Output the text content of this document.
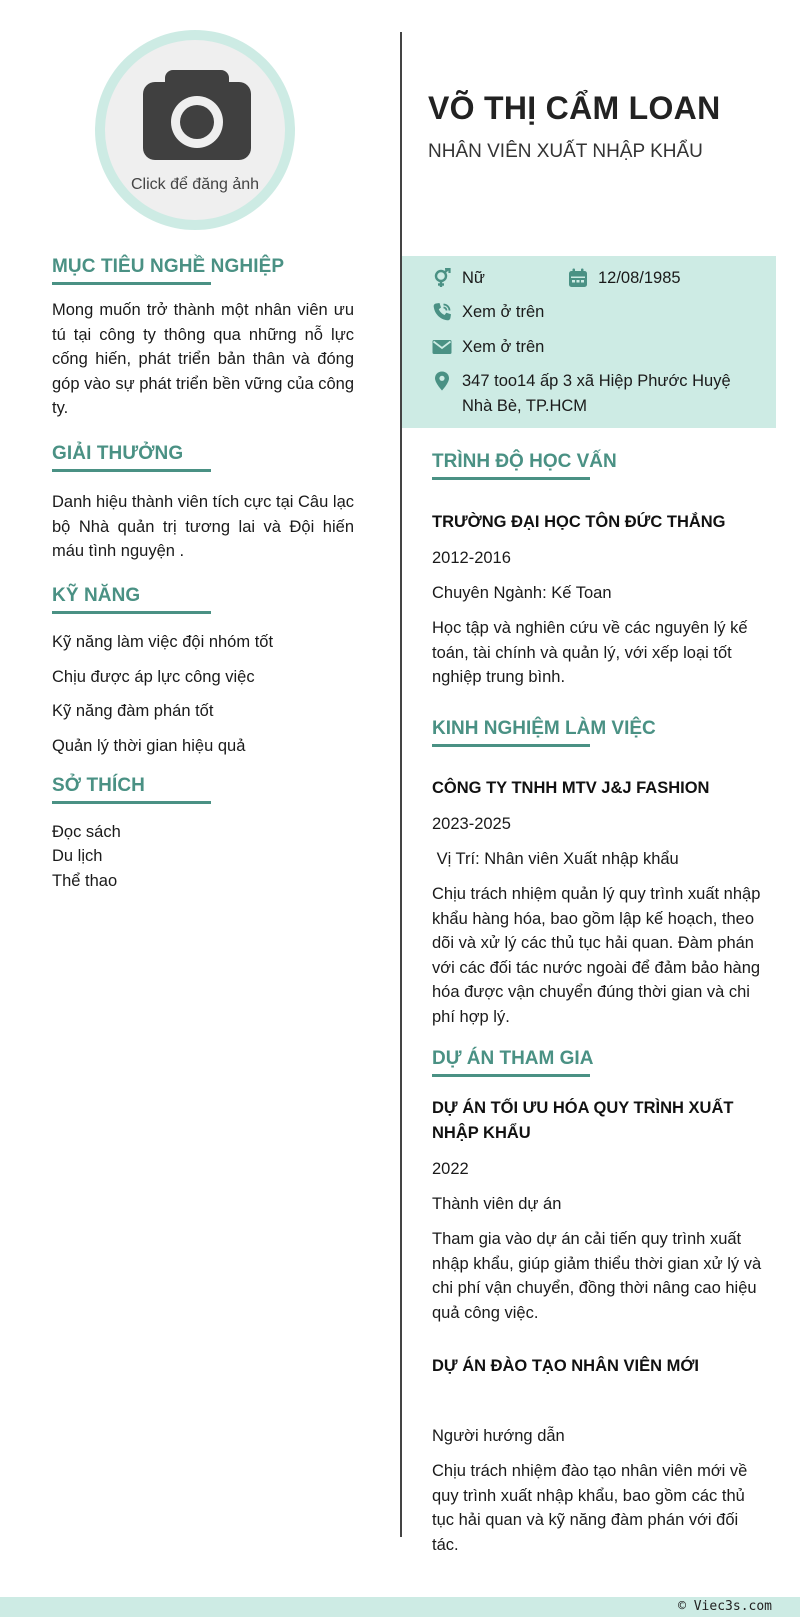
Click để đăng ảnh
MỤC TIÊU NGHỀ NGHIỆP
Mong muốn trở thành một nhân viên ưu tú tại công ty thông qua những nỗ lực cống hiến, phát triển bản thân và đóng góp vào sự phát triển bền vững của công ty.
GIẢI THƯỞNG
Danh hiệu thành viên tích cực tại Câu lạc bộ Nhà quản trị tương lai và Đội hiến máu tình nguyện .
KỸ NĂNG
Kỹ năng làm việc đội nhóm tốt
Chịu được áp lực công việc
Kỹ năng đàm phán tốt
Quản lý thời gian hiệu quả
SỞ THÍCH
Đọc sách
Du lịch
Thể thao
VÕ THỊ CẨM LOAN
NHÂN VIÊN XUẤT NHẬP KHẨU
Nữ	12/08/1985
Xem ở trên
Xem ở trên
347 too14 ấp 3 xã Hiệp Phước Huyệ
Nhà Bè, TP.HCM
TRÌNH ĐỘ HỌC VẤN
TRƯỜNG ĐẠI HỌC TÔN ĐỨC THẮNG
2012-2016
Chuyên Ngành: Kế Toan
Học tập và nghiên cứu về các nguyên lý kế toán, tài chính và quản lý, với xếp loại tốt nghiệp trung bình.
KINH NGHIỆM LÀM VIỆC
CÔNG TY TNHH MTV J&J FASHION
2023-2025
Vị Trí: Nhân viên Xuất nhập khẩu
Chịu trách nhiệm quản lý quy trình xuất nhập khẩu hàng hóa, bao gồm lập kế hoạch, theo dõi và xử lý các thủ tục hải quan. Đàm phán với các đối tác nước ngoài để đảm bảo hàng hóa được vận chuyển đúng thời gian và chi phí hợp lý.
DỰ ÁN THAM GIA
DỰ ÁN TỐI ƯU HÓA QUY TRÌNH XUẤT NHẬP KHẨU
2022
Thành viên dự án
Tham gia vào dự án cải tiến quy trình xuất nhập khẩu, giúp giảm thiểu thời gian xử lý và chi phí vận chuyển, đồng thời nâng cao hiệu quả công việc.
DỰ ÁN ĐÀO TẠO NHÂN VIÊN MỚI
Người hướng dẫn
Chịu trách nhiệm đào tạo nhân viên mới về quy trình xuất nhập khẩu, bao gồm các thủ tục hải quan và kỹ năng đàm phán với đối tác.
© Viec3s.com
